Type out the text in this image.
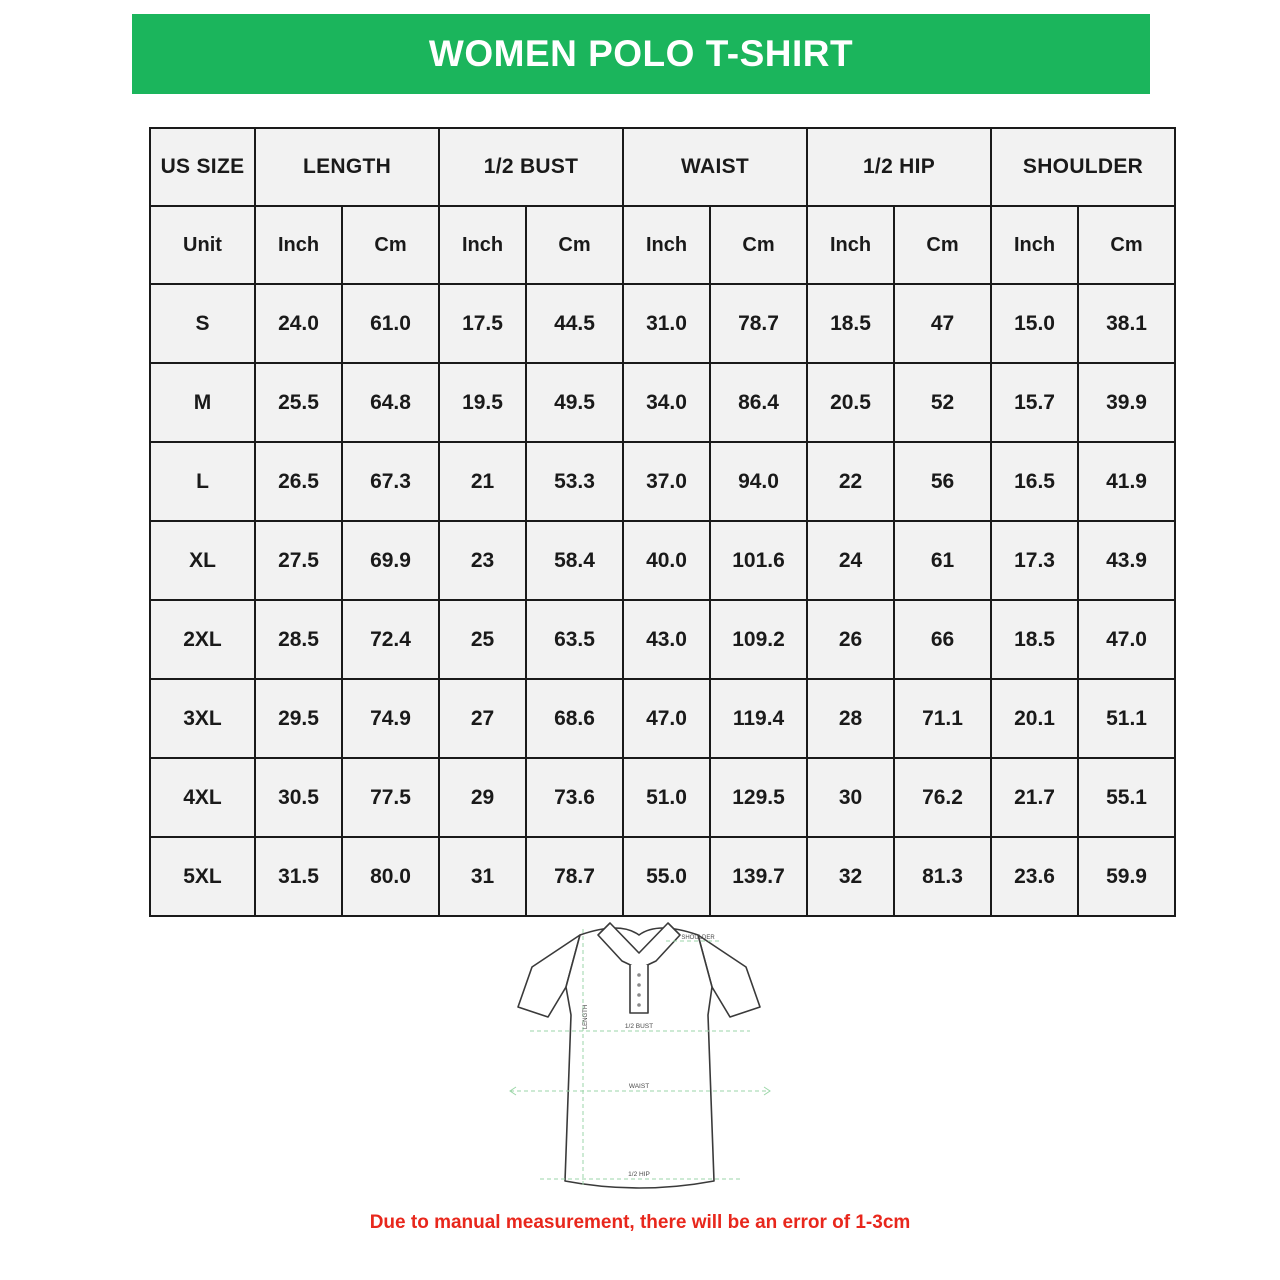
WOMEN POLO T-SHIRT
US SIZE	LENGTH		1/2 BUST		WAIST		1/2 HIP		SHOULDER	
Unit	Inch	Cm	Inch	Cm	Inch	Cm	Inch	Cm	Inch	Cm
S	24.0	61.0	17.5	44.5	31.0	78.7	18.5	47	15.0	38.1
M	25.5	64.8	19.5	49.5	34.0	86.4	20.5	52	15.7	39.9
L	26.5	67.3	21	53.3	37.0	94.0	22	56	16.5	41.9
XL	27.5	69.9	23	58.4	40.0	101.6	24	61	17.3	43.9
2XL	28.5	72.4	25	63.5	43.0	109.2	26	66	18.5	47.0
3XL	29.5	74.9	27	68.6	47.0	119.4	28	71.1	20.1	51.1
4XL	30.5	77.5	29	73.6	51.0	129.5	30	76.2	21.7	55.1
5XL	31.5	80.0	31	78.7	55.0	139.7	32	81.3	23.6	59.9
LENGTH
SHOULDER
1/2 BUST
WAIST
1/2 HIP
Due to manual measurement, there will be an error of 1-3cm
